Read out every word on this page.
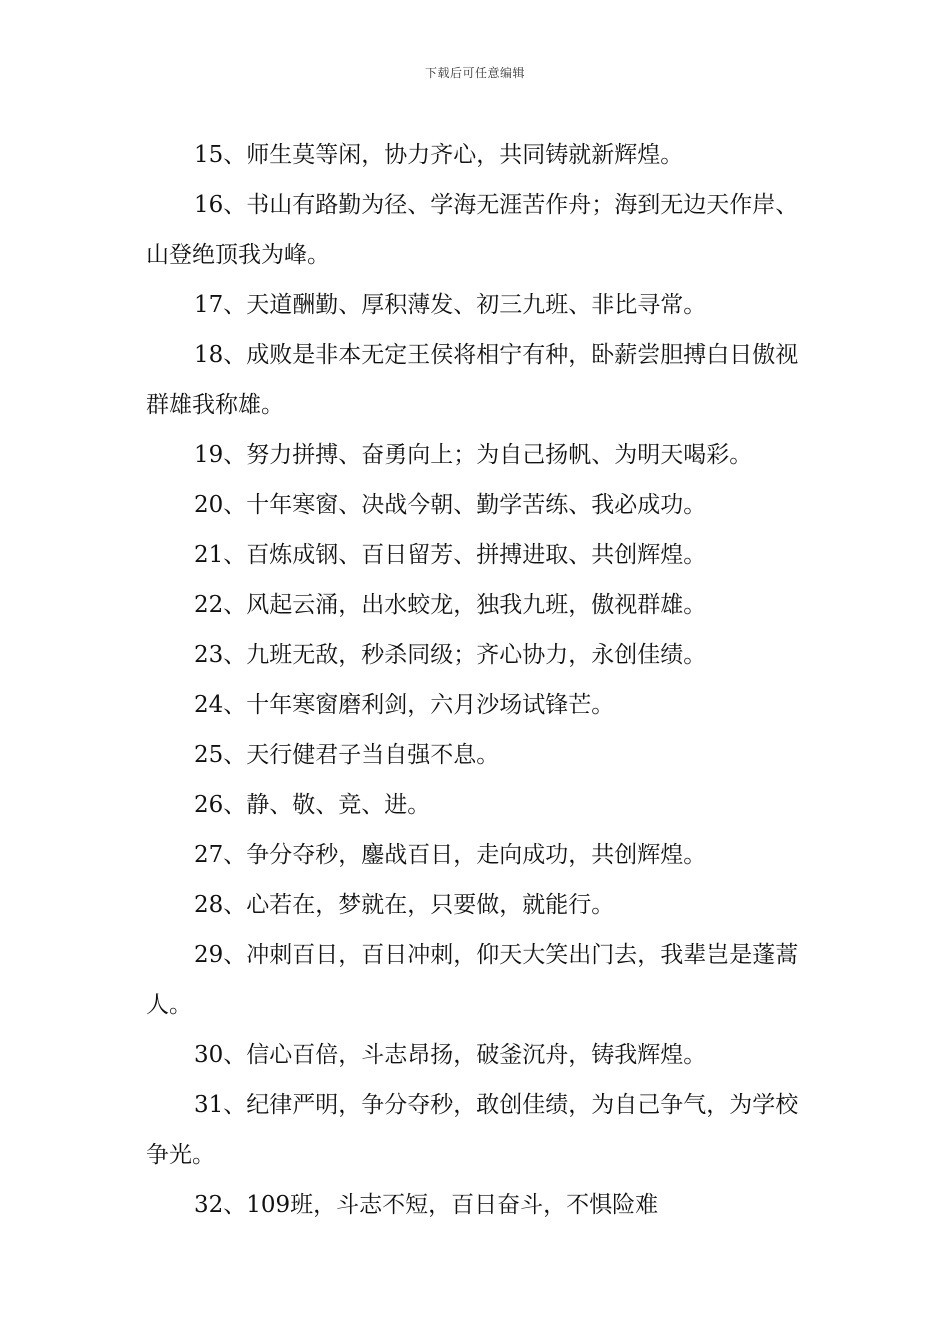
下载后可任意编辑

15、师生莫等闲，协力齐心，共同铸就新辉煌。

16、书山有路勤为径、学海无涯苦作舟；海到无边天作岸、山登绝顶我为峰。

17、天道酬勤、厚积薄发、初三九班、非比寻常。

18、成败是非本无定王侯将相宁有种，卧薪尝胆搏白日傲视群雄我称雄。

19、努力拼搏、奋勇向上；为自己扬帆、为明天喝彩。

20、十年寒窗、决战今朝、勤学苦练、我必成功。

21、百炼成钢、百日留芳、拼搏进取、共创辉煌。

22、风起云涌，出水蛟龙，独我九班，傲视群雄。

23、九班无敌，秒杀同级；齐心协力，永创佳绩。

24、十年寒窗磨利剑，六月沙场试锋芒。

25、天行健君子当自强不息。

26、静、敬、竞、进。

27、争分夺秒，鏖战百日，走向成功，共创辉煌。

28、心若在，梦就在，只要做，就能行。

29、冲刺百日，百日冲刺，仰天大笑出门去，我辈岂是蓬蒿人。

30、信心百倍，斗志昂扬，破釜沉舟，铸我辉煌。

31、纪律严明，争分夺秒，敢创佳绩，为自己争气，为学校争光。

32、109班，斗志不短，百日奋斗，不惧险难
